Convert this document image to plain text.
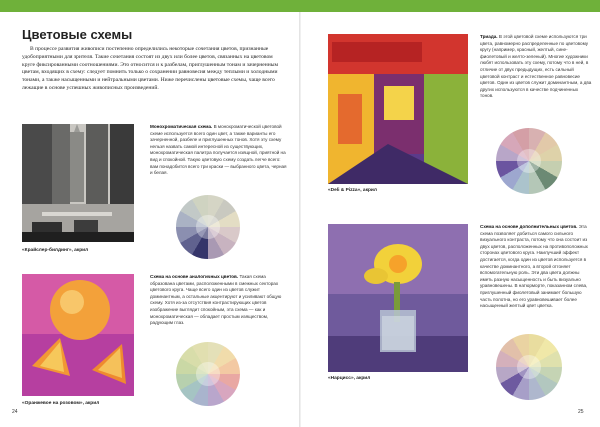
Цветовые схемы

В процессе развития живописи постепенно определились некоторые сочетания цветов, признанные удобоприятными для зрителя. Такие сочетания состоят из двух или более цветов, связанных на цветовом круге фиксированными соотношениями. Это относится и к разбелам, приглушенным тонам и зачерненным цветам, входящих в схему: следует помнить только о сохранении равновесия между теплыми и холодными тонами, а также насыщенными и нейтральными цветами. Ниже перечислены цветовые схемы, чаще всего лежащие в основе успешных живописных произведений.

«Крайслер-билдинг», акрил

Монохроматическая схема. В монохроматической цветовой схеме используется всего один цвет, а также варианты его зачерненной, разбеле и приглушенных тонов. Хотя эту схему нельзя назвать самой интересной из существующих, монохроматическая палитра получается изящной, приятной на вид и спокойной. Такую цветовую схему создать легче всего: вам понадобится всего три краски — выбранного цвета, черная и белая.

«Оранжевое на розовом», акрил

Схема на основе аналогичных цветов. Такая схема образована цветами, расположенными в смежных секторах цветового круга. Чаще всего один из цветов служит доминантным, а остальные акцентируют и усиливают общую схему. Хотя из-за отсутствия контрастирующих цветов изображение выглядит спокойным, эта схема — как и монохроматическая — обладает простым изяществом, радующим глаз.

24
«Deli & Pizza», акрил

Триада. В этой цветовой схеме используются три цвета, равномерно распределенные по цветовому кругу (например, красный, желтый, сине-фиолетовый и желто-зеленый). Многие художники любят использовать эту схему, потому что в ней, в отличие от двух предыдущих, есть сильный цветовой контраст и естественное равновесие цветов. Один из цветов служит доминантным, а два других используются в качестве подчиненных тонов.

«Нарцисс», акрил

Схема на основе дополнительных цветов. Эта схема позволяет добиться самого сильного визуального контраста, потому что она состоит из двух цветов, расположенных на противоположных сторонах цветового круга. Наилучший эффект достигается, когда один из цветов используется в качестве доминантного, а второй отгоняет вспомогательную роль. Эти два цвета должны иметь разную насыщенность и быть визуально уравновешены. В натюрморте, показанном слева, приглушенный фиолетовый занимает большую часть полотна, но его уравновешивает более насыщенный желтый цвет цветка.

25
